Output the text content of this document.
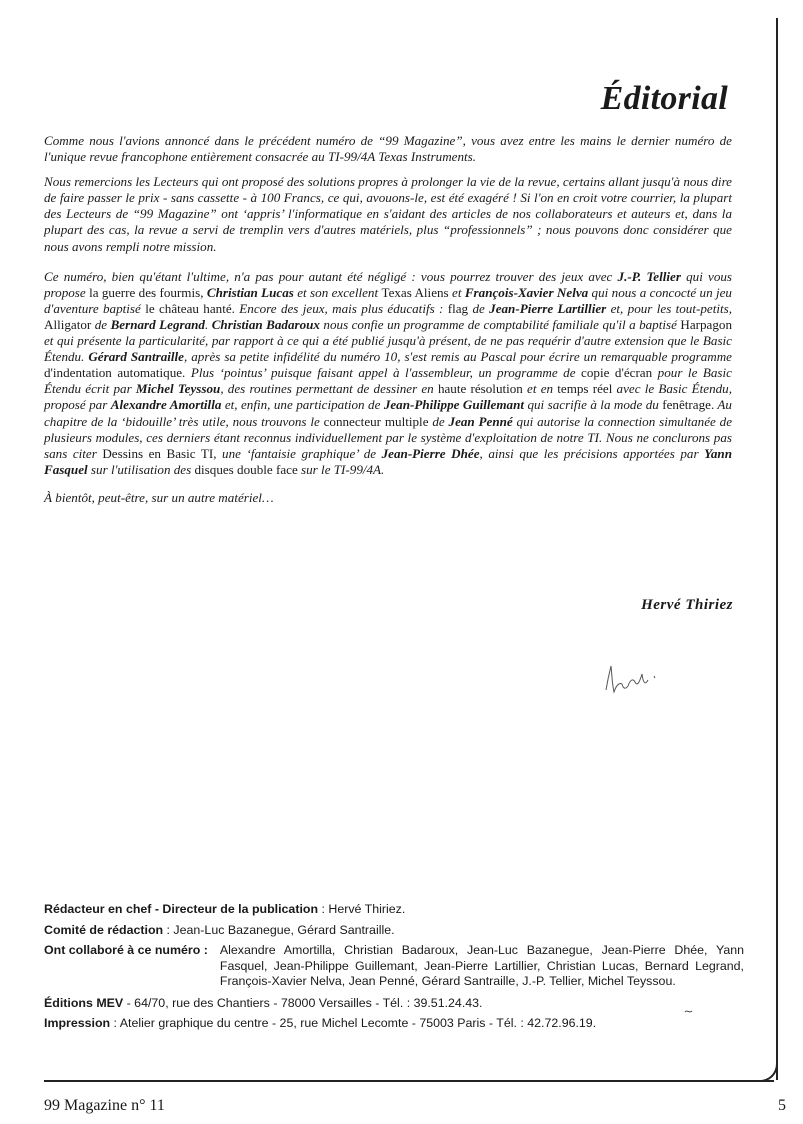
Éditorial

Comme nous l'avions annoncé dans le précédent numéro de “99 Magazine”, vous avez entre les mains le dernier numéro de l'unique revue francophone entièrement consacrée au TI-99/4A Texas Instruments.

Nous remercions les Lecteurs qui ont proposé des solutions propres à prolonger la vie de la revue, certains allant jusqu'à nous dire de faire passer le prix - sans cassette - à 100 Francs, ce qui, avouons-le, est été exagéré ! Si l'on en croit votre courrier, la plupart des Lecteurs de “99 Magazine” ont ‘appris’ l'informatique en s'aidant des articles de nos collaborateurs et auteurs et, dans la plupart des cas, la revue a servi de tremplin vers d'autres matériels, plus “professionnels” ; nous pouvons donc considérer que nous avons rempli notre mission.

Ce numéro, bien qu'étant l'ultime, n'a pas pour autant été négligé : vous pourrez trouver des jeux avec J.-P. Tellier qui vous propose la guerre des fourmis, Christian Lucas et son excellent Texas Aliens et François-Xavier Nelva qui nous a concocté un jeu d'aventure baptisé le château hanté. Encore des jeux, mais plus éducatifs : flag de Jean-Pierre Lartillier et, pour les tout-petits, Alligator de Bernard Legrand. Christian Badaroux nous confie un programme de comptabilité familiale qu'il a baptisé Harpagon et qui présente la particularité, par rapport à ce qui a été publié jusqu'à présent, de ne pas requérir d'autre extension que le Basic Étendu. Gérard Santraille, après sa petite infidélité du numéro 10, s'est remis au Pascal pour écrire un remarquable programme d'indentation automatique. Plus ‘pointus’ puisque faisant appel à l'assembleur, un programme de copie d'écran pour le Basic Étendu écrit par Michel Teyssou, des routines permettant de dessiner en haute résolution et en temps réel avec le Basic Étendu, proposé par Alexandre Amortilla et, enfin, une participation de Jean-Philippe Guillemant qui sacrifie à la mode du fenêtrage. Au chapitre de la ‘bidouille’ très utile, nous trouvons le connecteur multiple de Jean Penné qui autorise la connection simultanée de plusieurs modules, ces derniers étant reconnus individuellement par le système d'exploitation de notre TI. Nous ne conclurons pas sans citer Dessins en Basic TI, une ‘fantaisie graphique’ de Jean-Pierre Dhée, ainsi que les précisions apportées par Yann Fasquel sur l'utilisation des disques double face sur le TI-99/4A.

À bientôt, peut-être, sur un autre matériel…

Hervé Thiriez

Rédacteur en chef - Directeur de la publication : Hervé Thiriez.

Comité de rédaction : Jean-Luc Bazanegue, Gérard Santraille.

Ont collaboré à ce numéro : Alexandre Amortilla, Christian Badaroux, Jean-Luc Bazanegue, Jean-Pierre Dhée, Yann Fasquel, Jean-Philippe Guillemant, Jean-Pierre Lartillier, Christian Lucas, Bernard Legrand, François-Xavier Nelva, Jean Penné, Gérard Santraille, J.-P. Tellier, Michel Teyssou.

Éditions MEV - 64/70, rue des Chantiers - 78000 Versailles - Tél. : 39.51.24.43.

Impression : Atelier graphique du centre - 25, rue Michel Lecomte - 75003 Paris - Tél. : 42.72.96.19.

99 Magazine n° 11	5
